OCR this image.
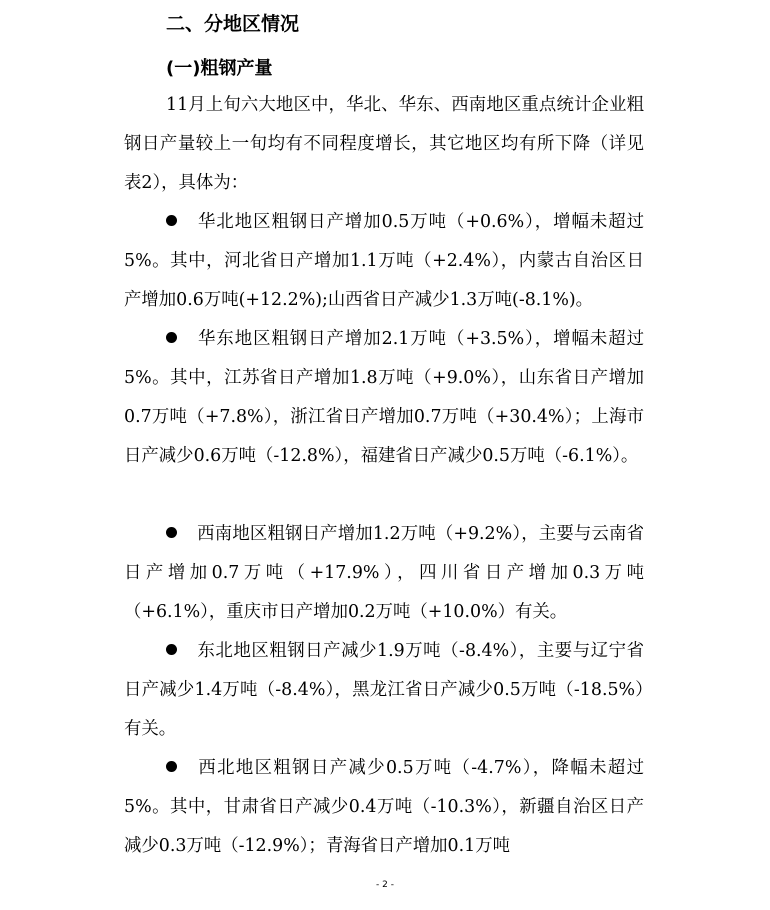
二、分地区情况
(一)粗钢产量

11月上旬六大地区中，华北、华东、西南地区重点统计企业粗钢日产量较上一旬均有不同程度增长，其它地区均有所下降（详见表2），具体为：

华北地区粗钢日产增加0.5万吨（+0.6%），增幅未超过5%。其中，河北省日产增加1.1万吨（+2.4%），内蒙古自治区日产增加0.6万吨(+12.2%);山西省日产减少1.3万吨(-8.1%)。

华东地区粗钢日产增加2.1万吨（+3.5%），增幅未超过5%。其中，江苏省日产增加1.8万吨（+9.0%），山东省日产增加0.7万吨（+7.8%），浙江省日产增加0.7万吨（+30.4%）；上海市日产减少0.6万吨（-12.8%），福建省日产减少0.5万吨（-6.1%）。

西南地区粗钢日产增加1.2万吨（+9.2%），主要与云南省日产增加0.7万吨（+17.9%），四川省日产增加0.3万吨（+6.1%），重庆市日产增加0.2万吨（+10.0%）有关。

东北地区粗钢日产减少1.9万吨（-8.4%），主要与辽宁省日产减少1.4万吨（-8.4%），黑龙江省日产减少0.5万吨（-18.5%）有关。

西北地区粗钢日产减少0.5万吨（-4.7%），降幅未超过5%。其中，甘肃省日产减少0.4万吨（-10.3%），新疆自治区日产减少0.3万吨（-12.9%）；青海省日产增加0.1万吨

- 2 -
